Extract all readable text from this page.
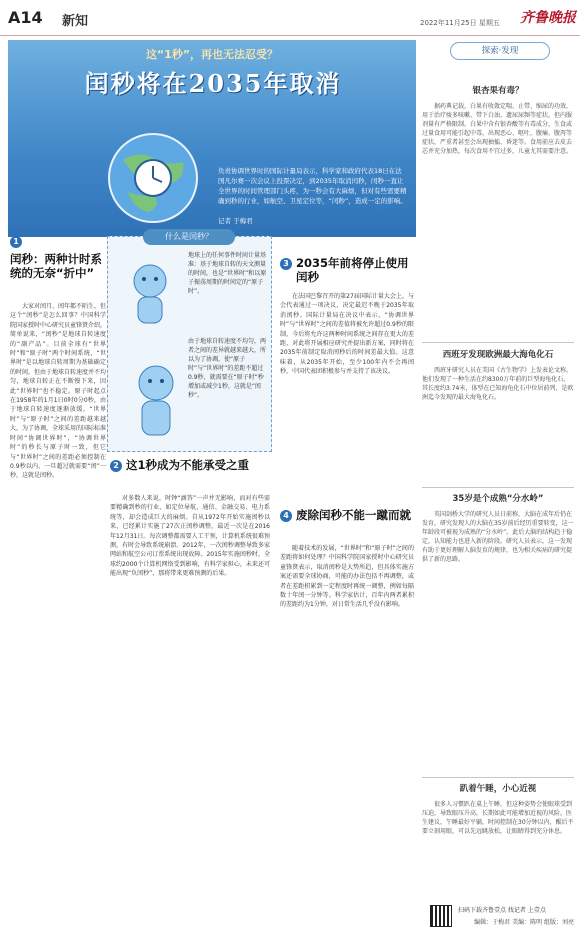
A14 新知	2022年11月25日 星期五 齐鲁晚报
这“1秒”，再也无法忍受？
闰秒将在2035年取消
负责协调世界时的国际计量局表示，科学家和政府代表18日在法国凡尔赛一次会议上投票决定，到2035年取消闰秒，闰秒一直让全世界的时间管理部门头疼，为一秒会有大麻烦，但对有些需要精确到秒的行业，如航空、卫星定位等，“闰秒”，造成一定的影响。
记者 于梅君
1
闰秒：两种计时系统的无奈“折中”
大家对闰月、闰年都不陌生，但这个“闰秒”是怎么回事？中国科学院国家授时中心研究员童锋贤介绍，简单说来，“闰秒”是地球自转速度的“副产品”。目前全球有“世界时”和“原子时”两个时间系统，“世界时”是以地球自转周期为基础确定的时间，但由于地球自转速度并不均匀，地球自转正在不断慢下来，因此“世界时”也不稳定。原子时起点在1958年的1月1日0时0分0秒，由于地球自转速度逐渐放缓，“世界时”与“原子时”之间的差距越来越大，为了协调，全球采用的国际标准时间“协调世界时”，“协调世界时”的秒长与原子时一致，但它与“世界时”之间的差距必须控制在0.9秒以内，一旦超过就需要“闰”一秒，这就是闰秒。
什么是闰秒？
地球上的任何事件时间计量基准：基于地球自转的天文测量的时间，也是“世界时”和以原子振荡周期的时间定的“原子时”。
由于地球自转速度不均匀，两者之间的差异就越来越大，所以为了协调，使“原子时”与“世界时”的差距不超过0.9秒，就需要在“原子时”秒增加或减少1秒，这就是“闰秒”。
2 这1秒成为不能承受之重
对多数人来说，时钟“滴答”一声并无影响，而对有些需要精确到秒的行业，如定位导航、通信、金融交易、电力系统等，却会造成巨大的麻烦。自从1972年开始实施闰秒以来，已经累计实施了27次正闰秒调整，最近一次是在2016年12月31日。每次调整都需要人工干预，计算机系统很难预测，有时会导致系统崩溃。2012年，一次闰秒调整导致多家网站和航空公司订票系统出现故障。2015年实施闰秒时，全球约2000个计算机网络受到影响，有科学家担心，未来还可能出现“负闰秒”，那将带来更难预测的后果。
3 2035年前将停止使用闰秒
在法国巴黎召开的第27届国际计量大会上，与会代表通过一项决议，决定最迟不晚于2035年取消闰秒。国际计量局在决议中表示，“协调世界时”与“世界时”之间的差值将被允许超过0.9秒的限制，今后将允许这两种时间系统之间存在更大的差距，对此将开展相应研究并提出新方案，同时将在2035年前制定取消闰秒后的时间差最大值。这意味着，从2035年开始，至少100年内不会再闰秒，中国代表团积极参与并支持了该决议。
4 废除闰秒不能一蹴而就
随着技术的发展，“世界时”和“原子时”之间的差距将如何处理？中国科学院国家授时中心研究员童锋贤表示，取消闰秒是大势所趋，但具体实施方案还需要全球协商，可能的办法包括不再调整，或者在差距积累到一定程度时再统一调整，例如每隔数十年闰一分钟等。科学家估计，百年内两者累积的差距约为1分钟，对日常生活几乎没有影响。
探索·发现
银杏果有毒？
据药典记载，白果有收敛定喘、止带、缩尿的功效，用于治疗痰多咳嗽、带下白浊、遗尿尿频等症状，但内服剂量有严格限制。白果中含有银杏酸等有毒成分，生食或过量食用可能引起中毒，出现恶心、呕吐、腹痛、腹泻等症状，严重者甚至会出现抽搐、昏迷等。食用前应去皮去芯并充分加热，每次食用不宜过多，儿童尤其需要注意。
西班牙发现欧洲最大海龟化石
西班牙研究人员在美国《古生物学》上发表论文称，他们发现了一种生活在约8300万年前的巨型海龟化石，其长度约3.74米，体型在已知海龟化石中位居前列，是欧洲迄今发现的最大海龟化石。
35岁是个成熟“分水岭”
英国剑桥大学的研究人员日前称，大脑在成年后仍在发育，研究发现人的大脑在35岁前后经历重要转变，这一年龄段可被视为成熟的“分水岭”。此后大脑的结构趋于稳定，认知能力也进入新的阶段。研究人员表示，这一发现有助于更好理解人脑发育的规律，也为相关疾病的研究提供了新的思路。
趴着午睡，小心近视
很多人习惯趴在桌上午睡，但这种姿势会使眼球受到压迫，导致眼压升高，长期如此可能增加近视的风险。医生建议，午睡最好平躺，时间控制在30分钟以内，醒后不要立刻用眼，可以先远眺放松，让眼睛得到充分休息。
编辑：于梅君 美编：陈明 组版：刘亮
扫码下载齐鲁壹点 找记者 上壹点
